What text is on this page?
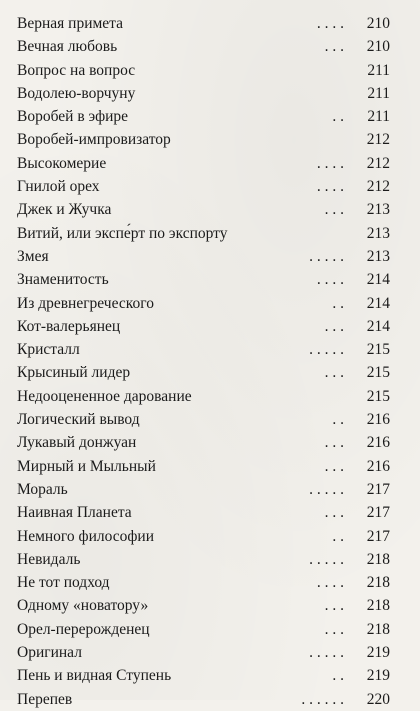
Верная примета	. . . .	210
Вечная любовь	. . .	210
Вопрос на вопрос	211
Водолею-ворчуну	211
Воробей в эфире	. .	211
Воробей-импровизатор	212
Высокомерие	. . . .	212
Гнилой орех	. . . .	212
Джек и Жучка	. . .	213
Витий, или экспе́рт по экспорту	213
Змея	. . . . .	213
Знаменитость	. . . .	214
Из древнегреческого	. .	214
Кот-валерьянец	. . .	214
Кристалл	. . . . .	215
Крысиный лидер	. . .	215
Недооцененное дарование	215
Логический вывод	. .	216
Лукавый донжуан	. . .	216
Мирный и Мыльный	. . .	216
Мораль	. . . . .	217
Наивная Планета	. . .	217
Немного философии	. .	217
Невидаль	. . . . .	218
Не тот подход	. . . .	218
Одному «новатору»	. . .	218
Орел-перерожденец	. . .	218
Оригинал	. . . . .	219
Пень и видная Ступень	. .	219
Перепев	. . . . . .	220
